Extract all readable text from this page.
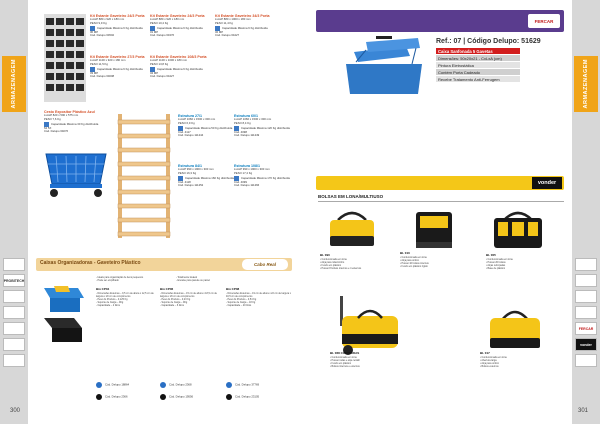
ARMAZENAGEM
PROBITECH
300
Kit Estante Gaveteiro 24/3 Porta
LxAxP 880 x 920 x 180 mm
PESO 9,9 Kg
Capacidade Máxima 6 Kg distribuída
30 MP
Cód. Delupo 64502
Kit Estante Gaveteiro 24/3 Porta
LxAxP 880 x 920 x 180 mm
PESO 10,4 Kg
Capacidade Máxima 6 Kg distribuída
31 MP
Cód. Delupo 64376
Kit Estante Gaveteiro 34/3 Porta
LxAxP 880 x 1000 x 180 mm
PESO 11,4 Kg
Capacidade Máxima 6 Kg distribuída
32 MP
Cód. Delupo 64427
Kit Estante Gaveteiro 27/3 Porta
LxAxP 1100 x 920 x 180 mm
PESO 11,5 Kg
Capacidade Máxima 6 Kg distribuída
33 MP
Cód. Delupo 64608
Kit Estante Gaveteiro 108/3 Porta
LxAxP 1100 x 1000 x 180 mm
PESO 13,8 Kg
Capacidade Máxima 6 Kg distribuída
34 MP
Cód. Delupo 64427
Cesto Expositor Plástico Azul
LxAxP 820 x 590 x 575 mm
PESO 7,6 Kg
Capacidade Máxima 30 Kg distribuída
64 5X
Cód. Delupo 64076
Estrutura 27/1
LxAxP 1060 x 1500 x 300 mm
PESO 6,9 Kg
Capacidade Máxima 50 Kg distribuída
Cód. 4117
Cód. Delupo 111244
Estrutura 60/1
LxAxP 1060 x 1500 x 300 mm
PESO 8,4 Kg
Capacidade Máxima 120 Kg distribuída
Cód. 4098
Cód. Delupo 111249
Estrutura 84/1
LxAxP 990 x 1900 x 300 mm
PESO 16,3 Kg
Capacidade Máxima 160 Kg distribuída
Cód. 4118
Cód. Delupo 111252
Estrutura 108/1
LxAxP 990 x 1900 x 300 mm
PESO 17,4 Kg
Capacidade Máxima 170 Kg distribuída
Cód. 4099
Cód. Delupo 111266
Caixas Organizadoras - Gaveteiro Plástico	Cabo Real
- Ideais para organização de itens pequenos
- Pode ser empilhado
- Totalmente lavável
- Encaixe para parede ou painel
Bin CP04
- Dimensões Externas – 9,5 cm de altura x 12,5 cm de largura x 20 cm de comprimento
- Peso do Produto – 0,125 Kg
- Suporte de Carga – 9Kg
- Capacidade – 2 litros
Bin CP06
- Dimensões Externas – 15 cm de altura x 18,5 cm de largura x 29 cm de comprimento
- Peso do Produto – 0,23 Kg
- Suporte de Carga – 9Kg
- Capacidade – 6 litros
Bin CP08
- Dimensões Externas – 19 cm de altura x 22 cm de largura x 40,5 cm de comprimento
- Peso do Produto – 0,54 Kg
- Suporte de Carga – 18 Kg
- Capacidade – 20 litros
Cód. Delupo 18864
Cód. Delupo 2366
Cód. Delupo 2368
Cód. Delupo 19556
Cód. Delupo 37769
Cód. Delupo 23105
ARMAZENAGEM
FERCAR
vonder
301
FERCAR
Ref.: 07 | Código Delupo: 51629
Caixa Sanfonada 5 Gavetas
Dimensões: 50x20x21 - CxLxA (cm)
Pintura Eletrostática
Contém Porta Cadeado
Recebe Tratamento Anti-Ferrugem
vonder
BOLSAS EM LONA/MULTIUSO
BL 090
• Confeccionada em lona
• Alça para mão/ombro
• Fundo em plástico
• Possui 8 bolsos internos e 4 externos
BL 010
• Confeccionada em lona
• Alça para ombro
• Possui 10 bolsos internos
• Fundo em plástico rígido
BL 005
• Confeccionada em lona
• Possui 20 bolsos
• Alças reforçadas
• Base de plástico
BL 068 COM RODAS
• Confeccionada em lona
• Possui rodas e alça retrátil
• Fundo em plástico
• Bolsos internos e externos
BL 017
• Confeccionada em lona
• Abertura larga
• Alça para ombro
• Bolsos externos
